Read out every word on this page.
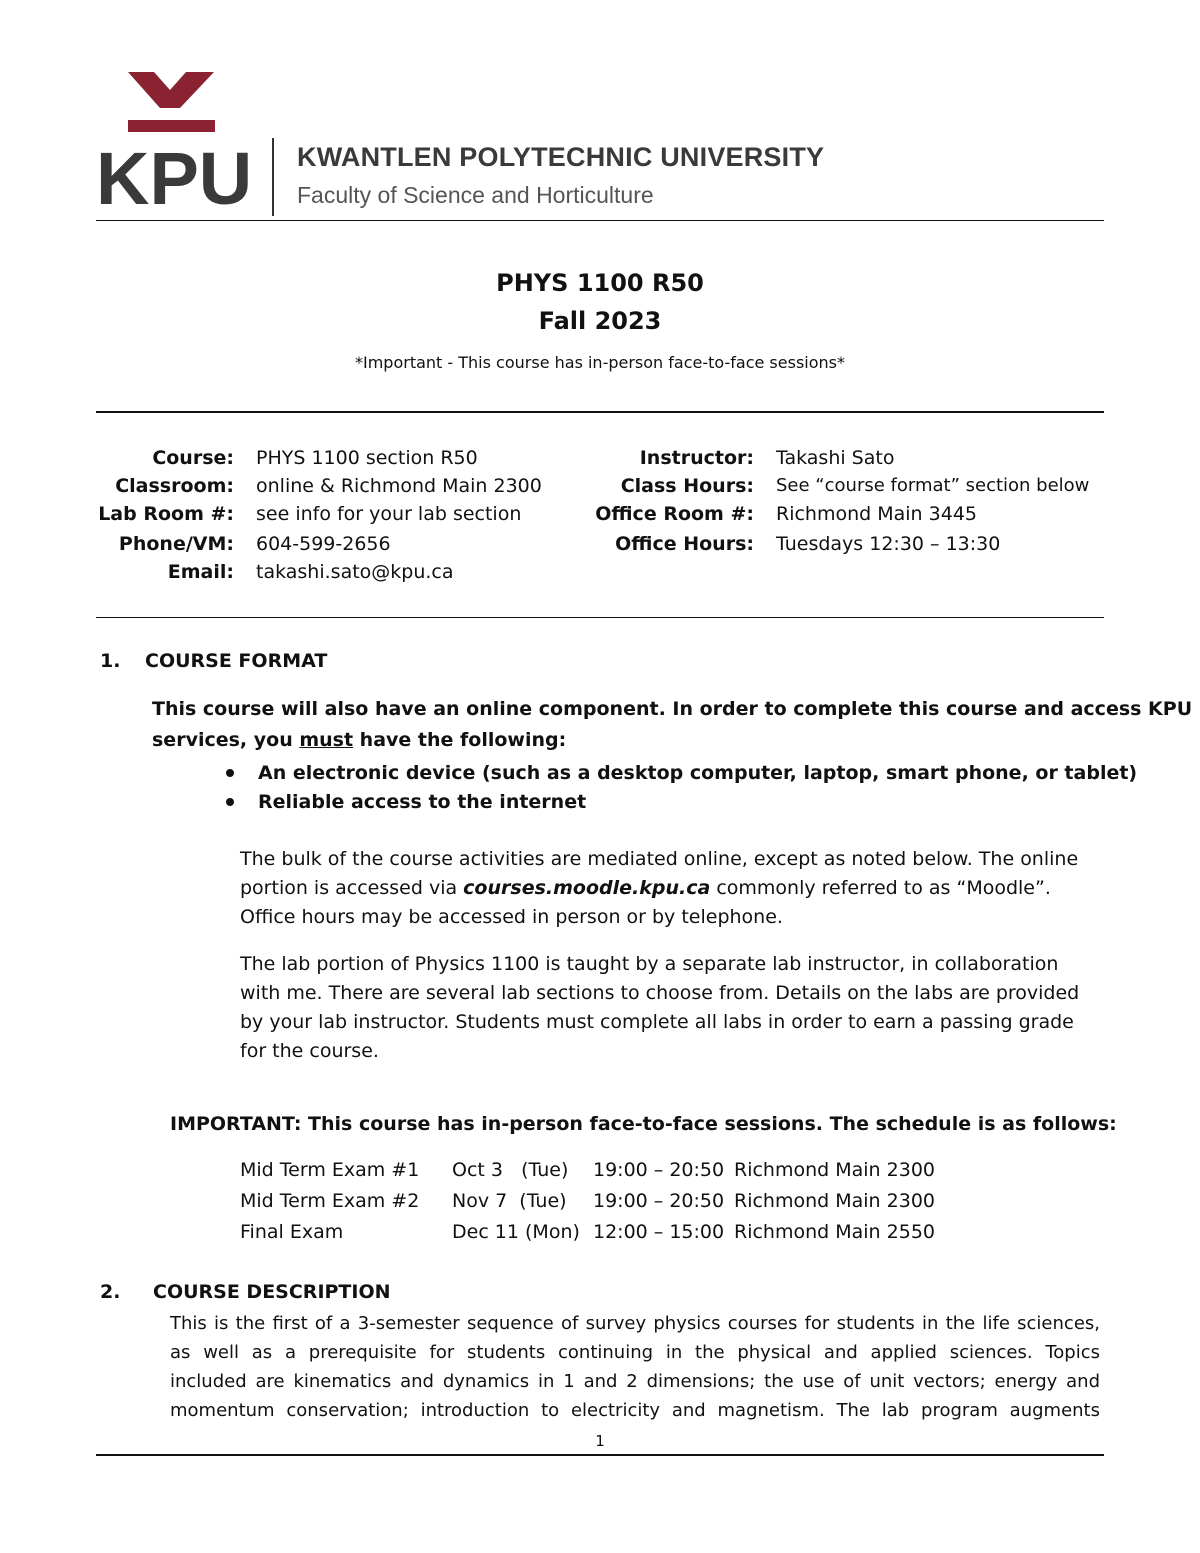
KPU KWANTLEN POLYTECHNIC UNIVERSITY
Faculty of Science and Horticulture
PHYS 1100 R50
Fall 2023
*Important - This course has in-person face-to-face sessions*
Course: PHYS 1100 section R50
Classroom: online & Richmond Main 2300
Lab Room #: see info for your lab section
Phone/VM: 604-599-2656
Email: takashi.sato@kpu.ca
Instructor: Takashi Sato
Class Hours: See “course format” section below
Office Room #: Richmond Main 3445
Office Hours: Tuesdays 12:30 – 13:30
1. COURSE FORMAT
This course will also have an online component. In order to complete this course and access KPU
services, you must have the following:
An electronic device (such as a desktop computer, laptop, smart phone, or tablet)
Reliable access to the internet
The bulk of the course activities are mediated online, except as noted below. The online portion is accessed via courses.moodle.kpu.ca commonly referred to as “Moodle”. Office hours may be accessed in person or by telephone.
The lab portion of Physics 1100 is taught by a separate lab instructor, in collaboration with me. There are several lab sections to choose from. Details on the labs are provided by your lab instructor. Students must complete all labs in order to earn a passing grade for the course.
IMPORTANT: This course has in-person face-to-face sessions. The schedule is as follows:
Mid Term Exam #1 Oct 3   (Tue) 19:00 – 20:50 Richmond Main 2300
Mid Term Exam #2 Nov 7  (Tue) 19:00 – 20:50 Richmond Main 2300
Final Exam	Dec 11 (Mon) 12:00 – 15:00 Richmond Main 2550
2. COURSE DESCRIPTION
This is the first of a 3-semester sequence of survey physics courses for students in the life sciences,
as well as a prerequisite for students continuing in the physical and applied sciences. Topics
included are kinematics and dynamics in 1 and 2 dimensions; the use of unit vectors; energy and
momentum conservation; introduction to electricity and magnetism. The lab program augments
1
